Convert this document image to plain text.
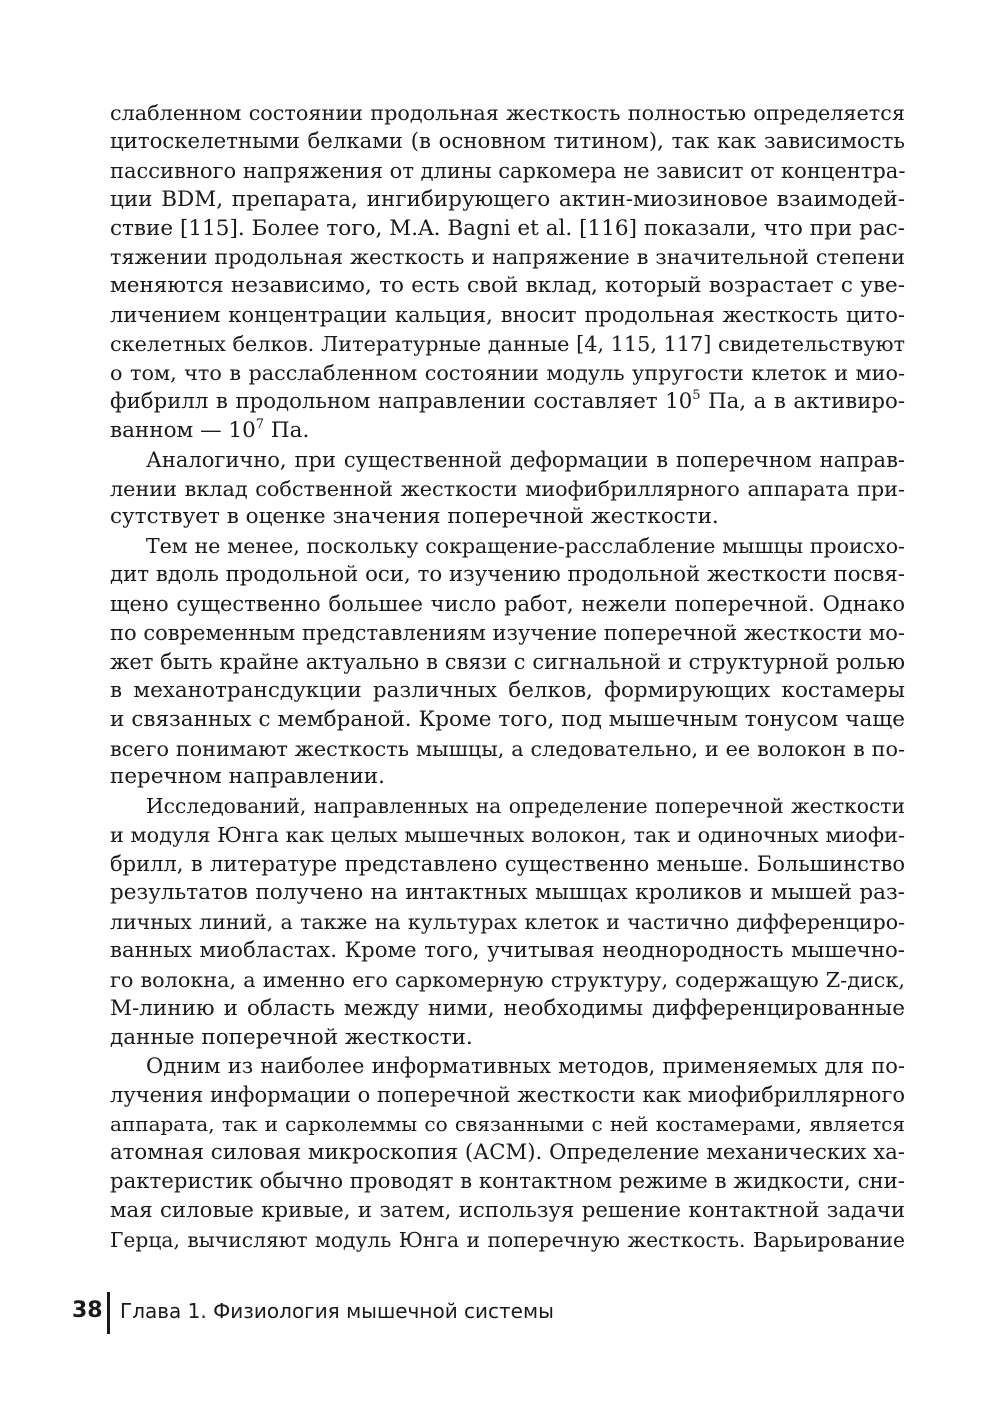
слабленном состоянии продольная жесткость полностью определяется
цитоскелетными белками (в основном титином), так как зависимость
пассивного напряжения от длины саркомера не зависит от концентра-
ции BDM, препарата, ингибирующего актин-миозиновое взаимодей-
ствие [115]. Более того, M.A. Bagni et al. [116] показали, что при рас-
тяжении продольная жесткость и напряжение в значительной степени
меняются независимо, то есть свой вклад, который возрастает с уве-
личением концентрации кальция, вносит продольная жесткость цито-
скелетных белков. Литературные данные [4, 115, 117] свидетельствуют
о том, что в расслабленном состоянии модуль упругости клеток и мио-
фибрилл в продольном направлении составляет $10^5$ Па, а в активиро-
ванном — $10^7$ Па.
Аналогично, при существенной деформации в поперечном направ-
лении вклад собственной жесткости миофибриллярного аппарата при-
сутствует в оценке значения поперечной жесткости.
Тем не менее, поскольку сокращение-расслабление мышцы происхо-
дит вдоль продольной оси, то изучению продольной жесткости посвя-
щено существенно большее число работ, нежели поперечной. Однако
по современным представлениям изучение поперечной жесткости мо-
жет быть крайне актуально в связи с сигнальной и структурной ролью
в механотрансдукции различных белков, формирующих костамеры
и связанных с мембраной. Кроме того, под мышечным тонусом чаще
всего понимают жесткость мышцы, а следовательно, и ее волокон в по-
перечном направлении.
Исследований, направленных на определение поперечной жесткости
и модуля Юнга как целых мышечных волокон, так и одиночных миофи-
брилл, в литературе представлено существенно меньше. Большинство
результатов получено на интактных мышцах кроликов и мышей раз-
личных линий, а также на культурах клеток и частично дифференциро-
ванных миобластах. Кроме того, учитывая неоднородность мышечно-
го волокна, а именно его саркомерную структуру, содержащую Z-диск,
М-линию и область между ними, необходимы дифференцированные
данные поперечной жесткости.
Одним из наиболее информативных методов, применяемых для по-
лучения информации о поперечной жесткости как миофибриллярного
аппарата, так и сарколеммы со связанными с ней костамерами, является
атомная силовая микроскопия (АСМ). Определение механических ха-
рактеристик обычно проводят в контактном режиме в жидкости, сни-
мая силовые кривые, и затем, используя решение контактной задачи
Герца, вычисляют модуль Юнга и поперечную жесткость. Варьирование
38 Глава 1. Физиология мышечной системы
